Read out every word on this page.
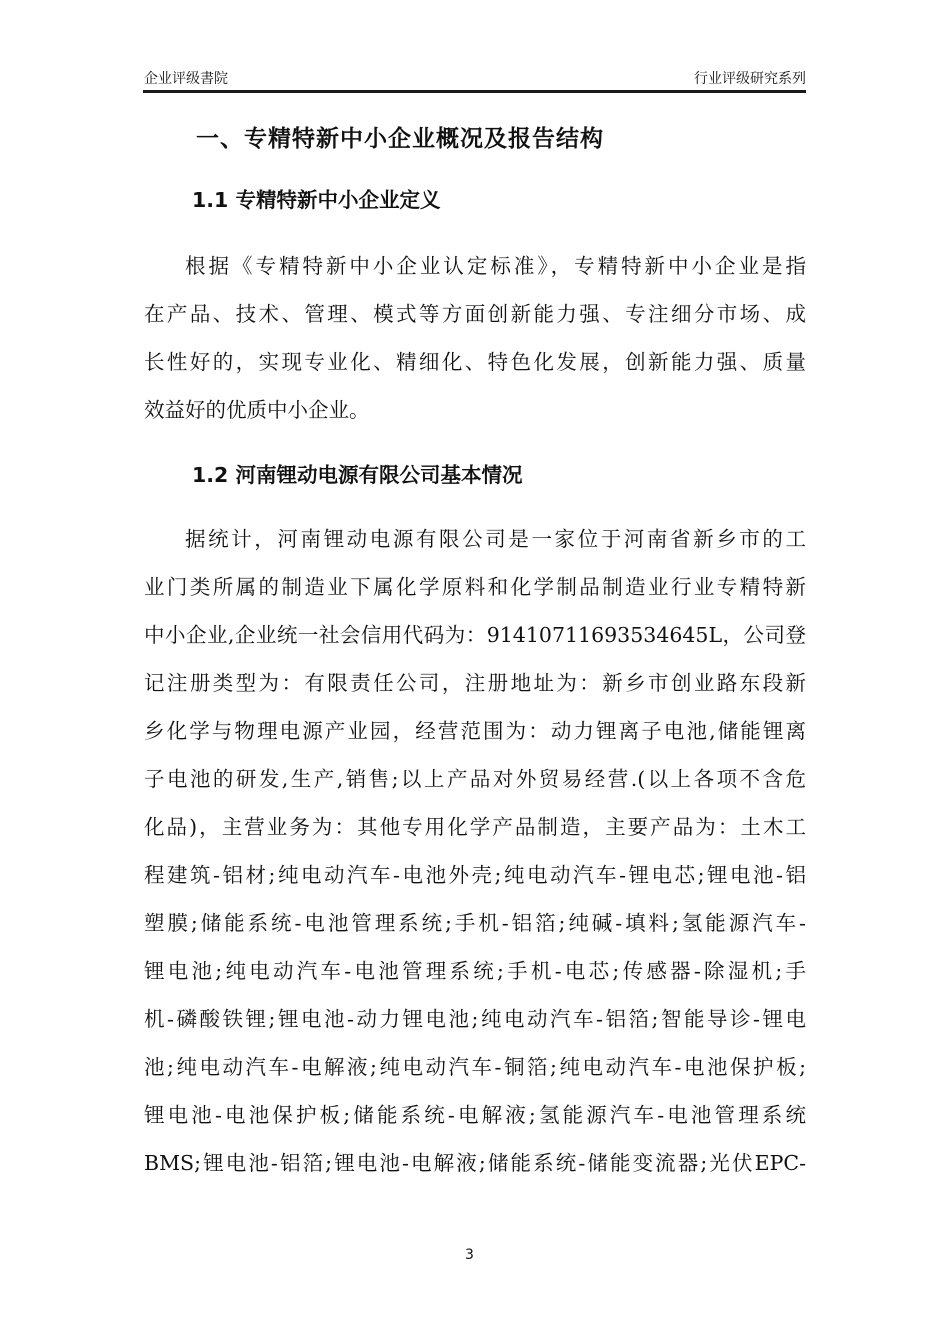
企业评级書院	行业评级研究系列
一、专精特新中小企业概况及报告结构
1.1 专精特新中小企业定义
根据《专精特新中小企业认定标准》，专精特新中小企业是指
在产品、技术、管理、模式等方面创新能力强、专注细分市场、成
长性好的，实现专业化、精细化、特色化发展，创新能力强、质量
效益好的优质中小企业。
1.2 河南锂动电源有限公司基本情况
据统计，河南锂动电源有限公司是一家位于河南省新乡市的工
业门类所属的制造业下属化学原料和化学制品制造业行业专精特新
中小企业,企业统一社会信用代码为：91410711693534645L，公司登
记注册类型为：有限责任公司，注册地址为：新乡市创业路东段新
乡化学与物理电源产业园，经营范围为：动力锂离子电池,储能锂离
子电池的研发,生产,销售;以上产品对外贸易经营.(以上各项不含危
化品)，主营业务为：其他专用化学产品制造，主要产品为：土木工
程建筑-铝材;纯电动汽车-电池外壳;纯电动汽车-锂电芯;锂电池-铝
塑膜;储能系统-电池管理系统;手机-铝箔;纯碱-填料;氢能源汽车-
锂电池;纯电动汽车-电池管理系统;手机-电芯;传感器-除湿机;手
机-磷酸铁锂;锂电池-动力锂电池;纯电动汽车-铝箔;智能导诊-锂电
池;纯电动汽车-电解液;纯电动汽车-铜箔;纯电动汽车-电池保护板;
锂电池-电池保护板;储能系统-电解液;氢能源汽车-电池管理系统
BMS;锂电池-铝箔;锂电池-电解液;储能系统-储能变流器;光伏EPC-
3
